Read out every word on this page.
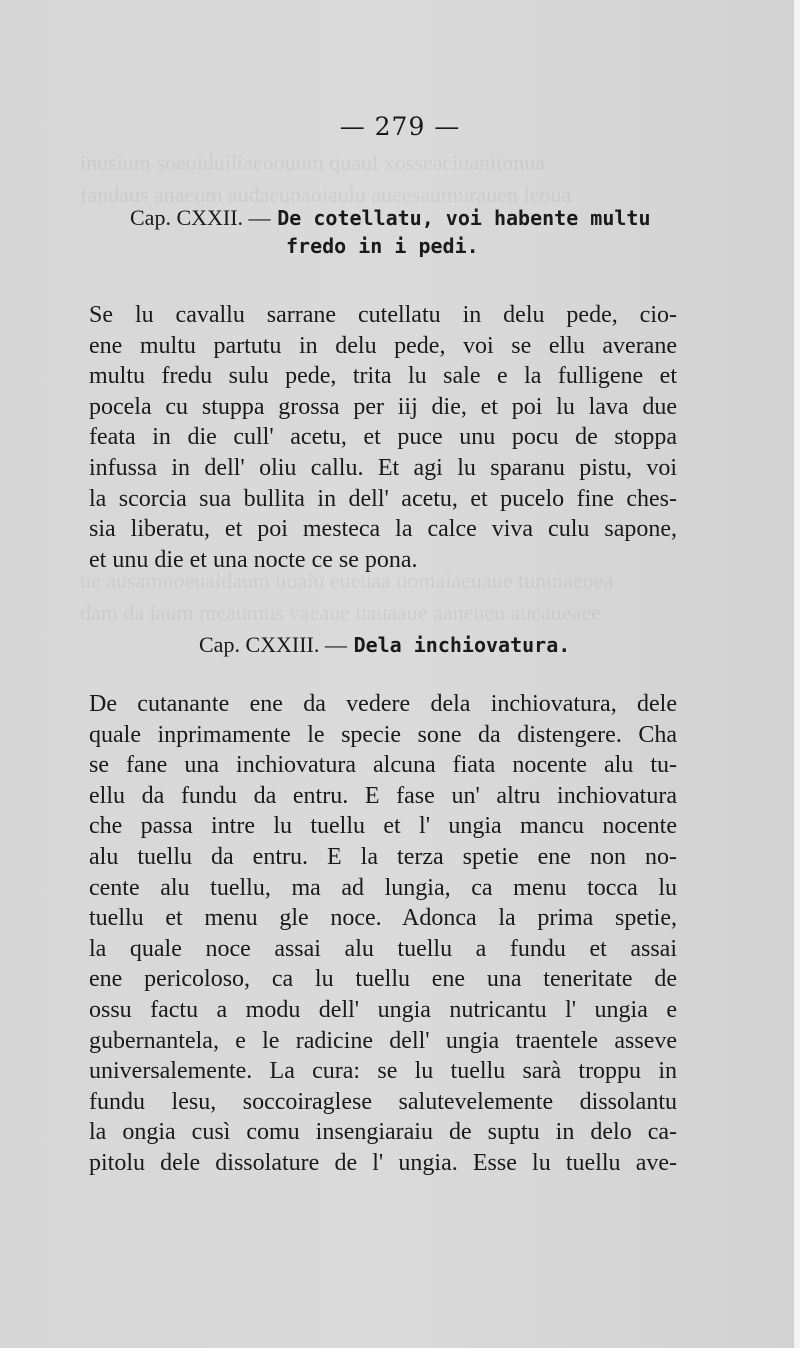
inusium soeoiduiliaeoouum quaul xosseaciuaniionua
fandaus anaeum audaeunaoiaulu aueesaumurauen leoua
ue ausamnoeuaidaum uoaiu eueuaa uomaiaeuaue tunuiaeoea
dam da iaum meaumus vaeaue uauaaue aaneueu aueaueaee
— 279 —
Cap. CXXII. — De cotellatu, voi habente multu
fredo in i pedi.
Se lu cavallu sarrane cutellatu in delu pede, cio-
ene multu partutu in delu pede, voi se ellu averane
multu fredu sulu pede, trita lu sale e la fulligene et
pocela cu stuppa grossa per iij die, et poi lu lava due
feata in die cull' acetu, et puce unu pocu de stoppa
infussa in dell' oliu callu. Et agi lu sparanu pistu, voi
la scorcia sua bullita in dell' acetu, et pucelo fine ches-
sia liberatu, et poi mesteca la calce viva culu sapone,
et unu die et una nocte ce se pona.
Cap. CXXIII. — Dela inchiovatura.
De cutanante ene da vedere dela inchiovatura, dele
quale inprimamente le specie sone da distengere. Cha
se fane una inchiovatura alcuna fiata nocente alu tu-
ellu da fundu da entru. E fase un' altru inchiovatura
che passa intre lu tuellu et l' ungia mancu nocente
alu tuellu da entru. E la terza spetie ene non no-
cente alu tuellu, ma ad lungia, ca menu tocca lu
tuellu et menu gle noce. Adonca la prima spetie,
la quale noce assai alu tuellu a fundu et assai
ene pericoloso, ca lu tuellu ene una teneritate de
ossu factu a modu dell' ungia nutricantu l' ungia e
gubernantela, e le radicine dell' ungia traentele asseve
universalemente. La cura: se lu tuellu sarà troppu in
fundu lesu, soccoiraglese salutevelemente dissolantu
la ongia cusì comu insengiaraiu de suptu in delo ca-
pitolu dele dissolature de l' ungia. Esse lu tuellu ave-
